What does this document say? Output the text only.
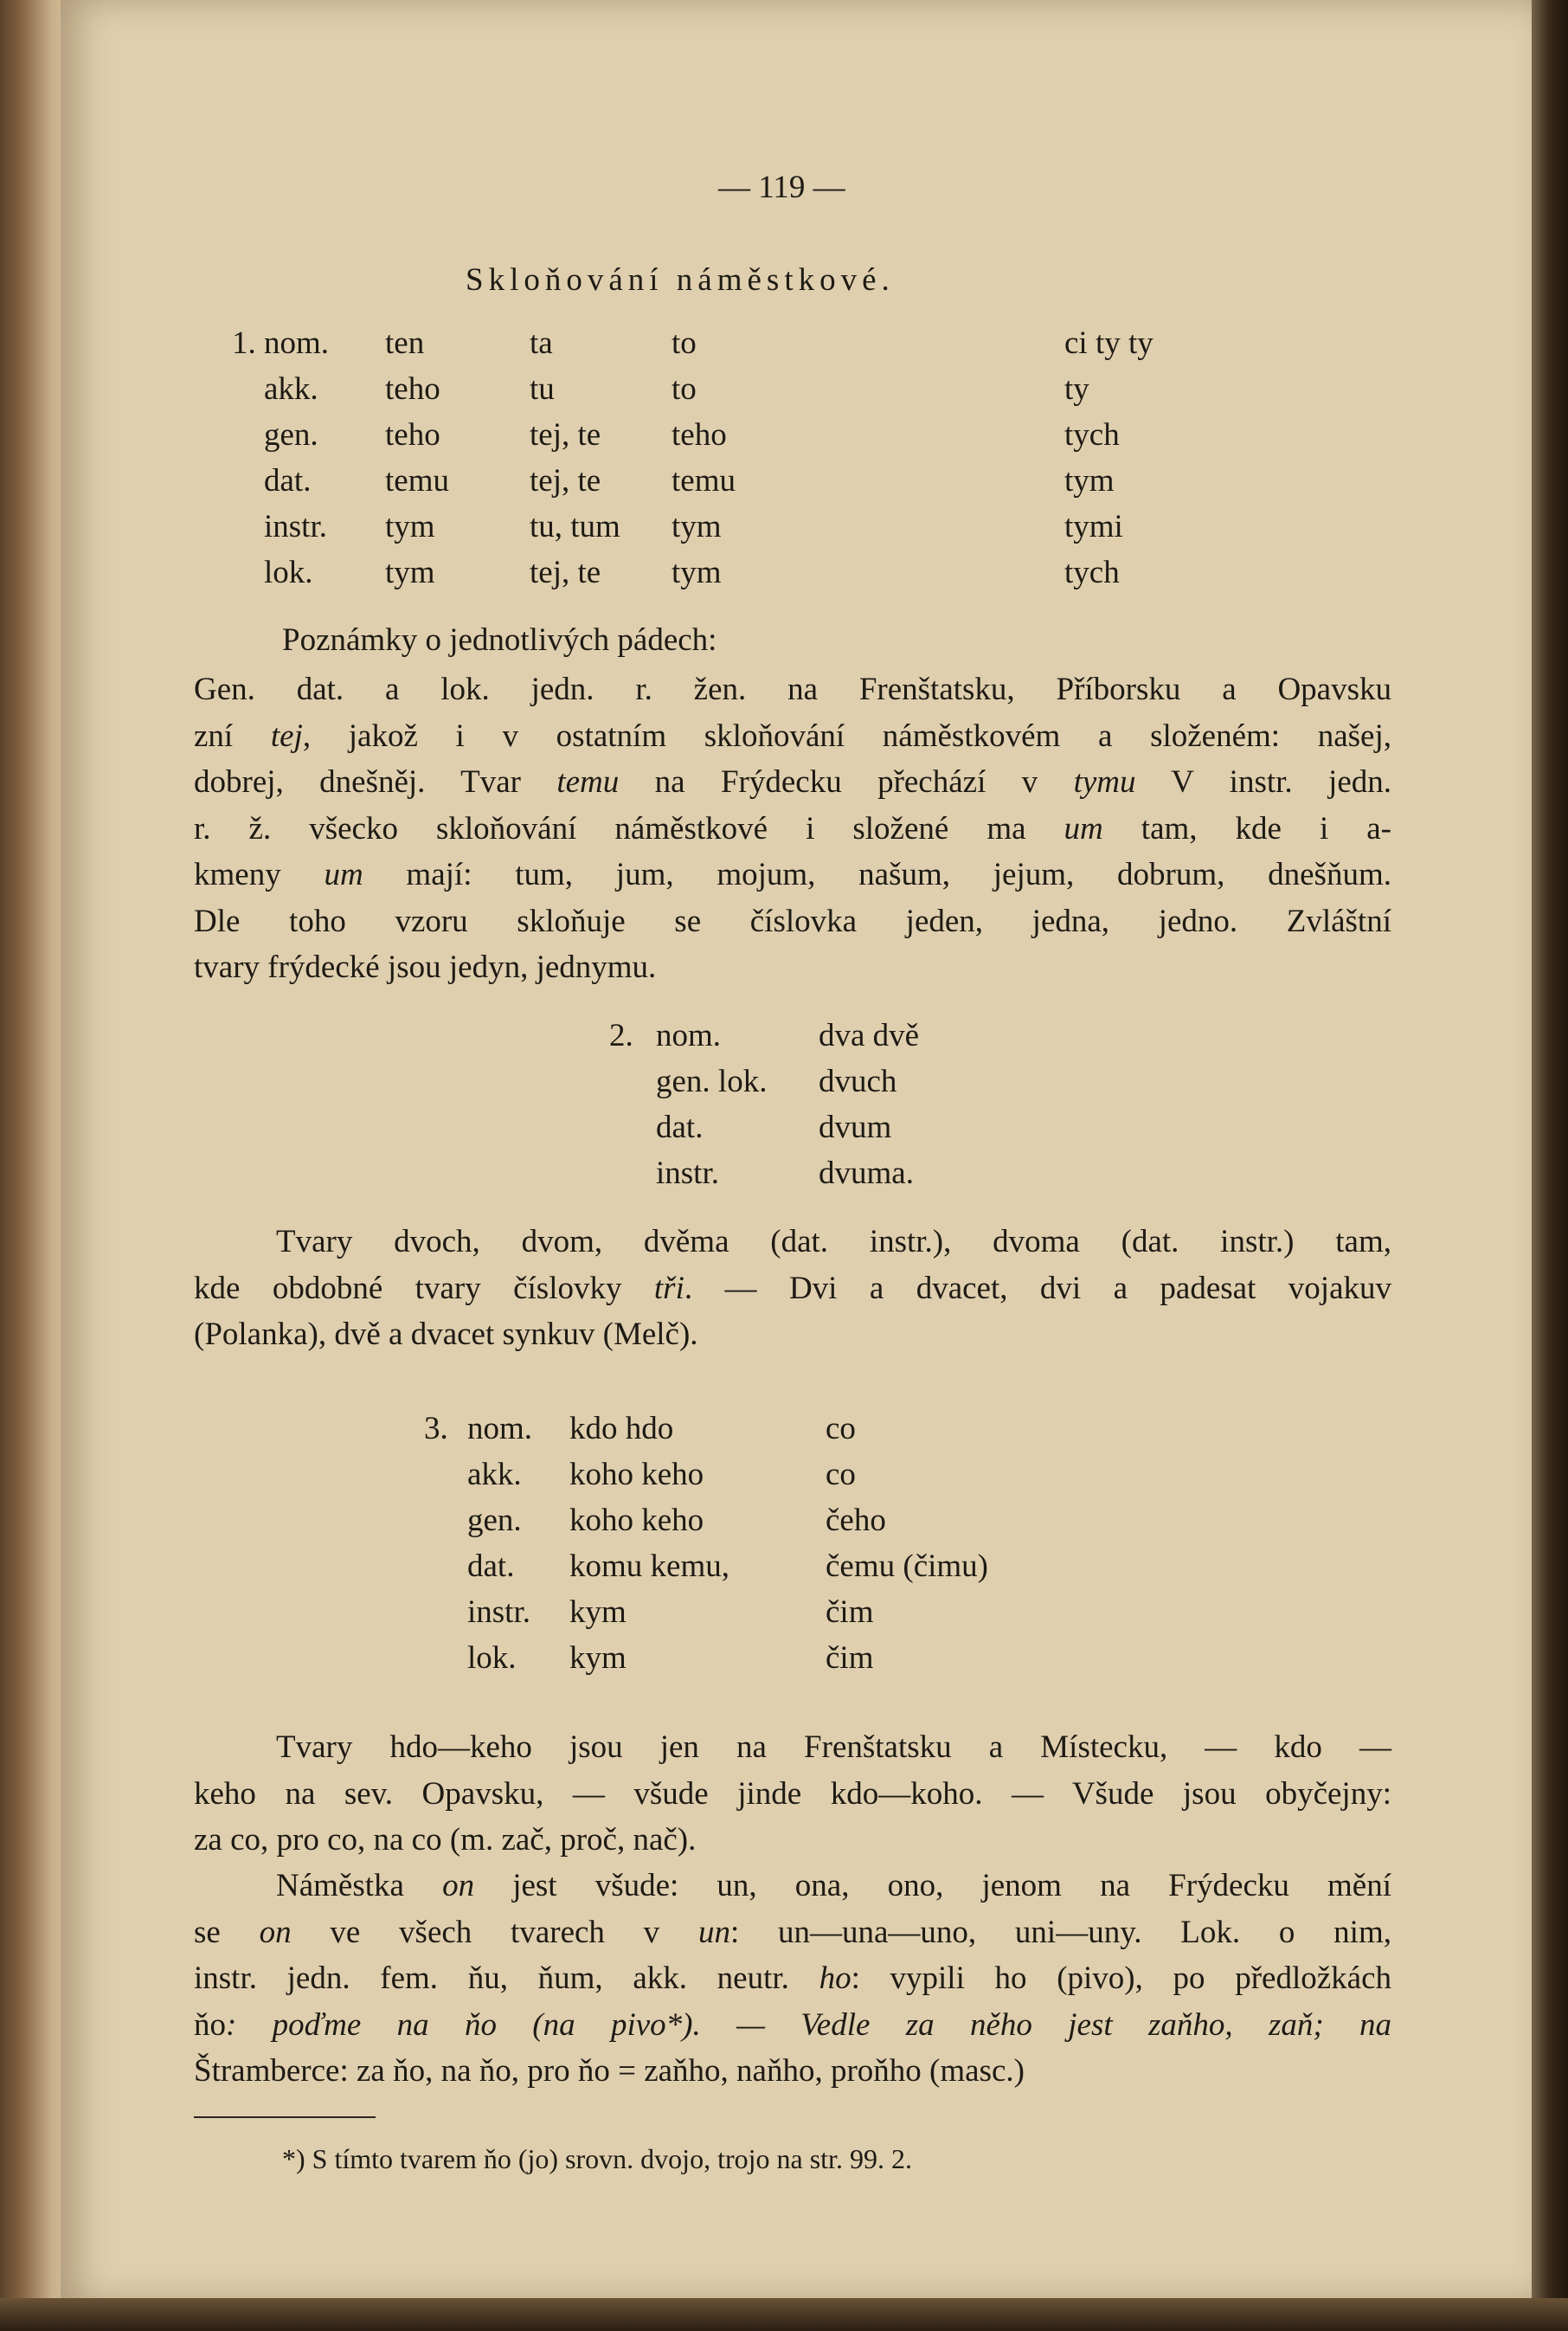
— 119 —
Skloňování náměstkové.
1. nom.
akk.
gen.
dat.
instr.
lok.
ten
teho
teho
temu
tym
tym
ta
tu
tej, te
tej, te
tu, tum
tej, te
to
to
teho
temu
tym
tym
ci ty ty
ty
tych
tym
tymi
tych
Poznámky o jednotlivých pádech:
Gen. dat. a lok. jedn. r. žen. na Frenštatsku, Příborsku a Opavsku
zní tej, jakož i v ostatním skloňování náměstkovém a složeném: našej,
dobrej, dnešněj. Tvar temu na Frýdecku přechází v tymu V instr. jedn.
r. ž. všecko skloňování náměstkové i složené ma um tam, kde i a-
kmeny um mají: tum, jum, mojum, našum, jejum, dobrum, dnešňum.
Dle toho vzoru skloňuje se číslovka jeden, jedna, jedno. Zvláštní
tvary frýdecké jsou jedyn, jednymu.
2. nom.
gen. lok.
dat.
instr.
dva dvě
dvuch
dvum
dvuma.
Tvary dvoch, dvom, dvěma (dat. instr.), dvoma (dat. instr.) tam,
kde obdobné tvary číslovky tři. — Dvi a dvacet, dvi a padesat vojakuv
(Polanka), dvě a dvacet synkuv (Melč).
3. nom.
akk.
gen.
dat.
instr.
lok.
kdo hdo
koho keho
koho keho
komu kemu,
kym
kym
co
co
čeho
čemu (čimu)
čim
čim
Tvary hdo—keho jsou jen na Frenštatsku a Místecku, — kdo —
keho na sev. Opavsku, — všude jinde kdo—koho. — Všude jsou obyčejny:
za co, pro co, na co (m. zač, proč, nač).
Náměstka on jest všude: un, ona, ono, jenom na Frýdecku mění
se on ve všech tvarech v un: un—una—uno, uni—uny. Lok. o nim,
instr. jedn. fem. ňu, ňum, akk. neutr. ho: vypili ho (pivo), po předložkách
ňo: poďme na ňo (na pivo*). — Vedle za něho jest zaňho, zaň; na
Štramberce: za ňo, na ňo, pro ňo = zaňho, naňho, proňho (masc.)
*) S tímto tvarem ňo (jo) srovn. dvojo, trojo na str. 99. 2.
